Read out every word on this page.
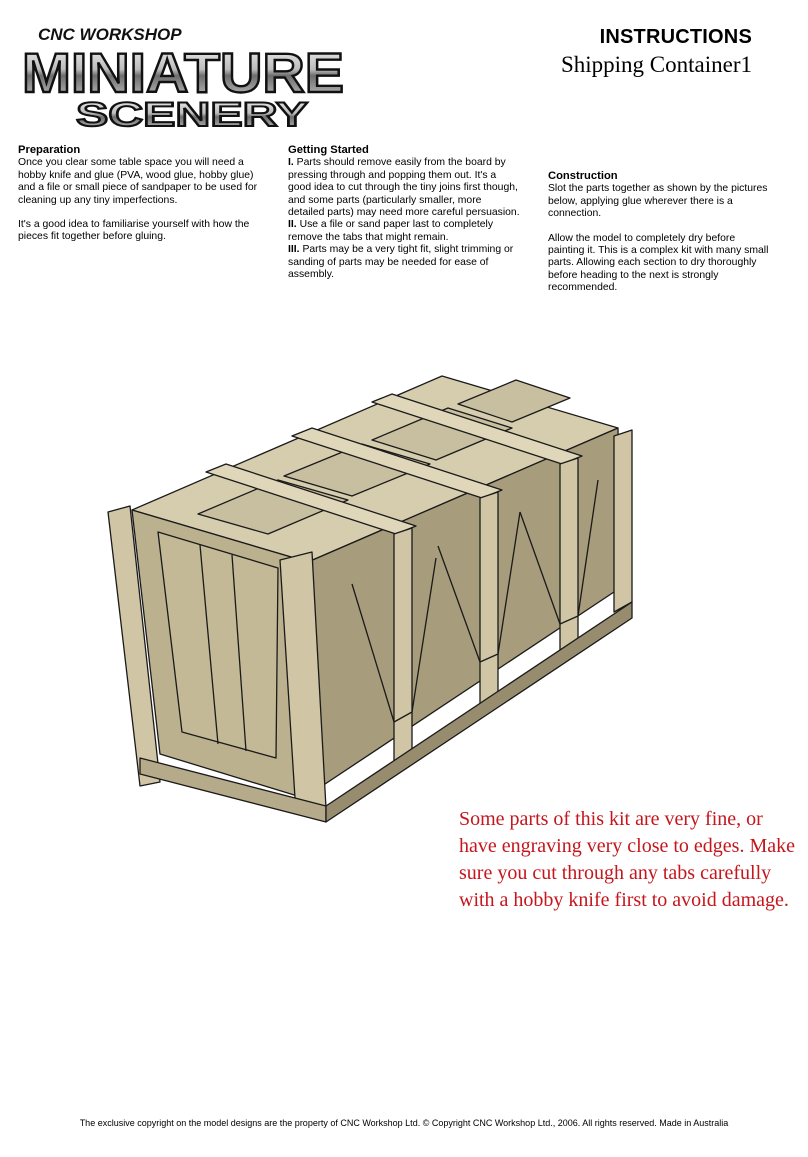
CNC WORKSHOP
MINIATURE
SCENERY
INSTRUCTIONS
Shipping Container1
Preparation

Once you clear some table space you will need a hobby knife and glue (PVA, wood glue, hobby glue) and a file or small piece of sandpaper to be used for cleaning up any tiny imperfections.

It's a good idea to familiarise yourself with how the pieces fit together before gluing.

Getting Started

I. Parts should remove easily from the board by pressing through and popping them out. It's a good idea to cut through the tiny joins first though, and some parts (particularly smaller, more detailed parts) may need more careful persuasion.

II. Use a file or sand paper last to completely remove the tabs that might remain.

III. Parts may be a very tight fit, slight trimming or sanding of parts may be needed for ease of assembly.

Construction

Slot the parts together as shown by the pictures below, applying glue wherever there is a connection.

Allow the model to completely dry before painting it. This is a complex kit with many small parts. Allowing each section to dry thoroughly before heading to the next is strongly recommended.

Some parts of this kit are very fine, or have engraving very close to edges. Make sure you cut through any tabs carefully with a hobby knife first to avoid damage.
The exclusive copyright on the model designs are the property of CNC Workshop Ltd. © Copyright CNC Workshop Ltd., 2006. All rights reserved. Made in Australia
